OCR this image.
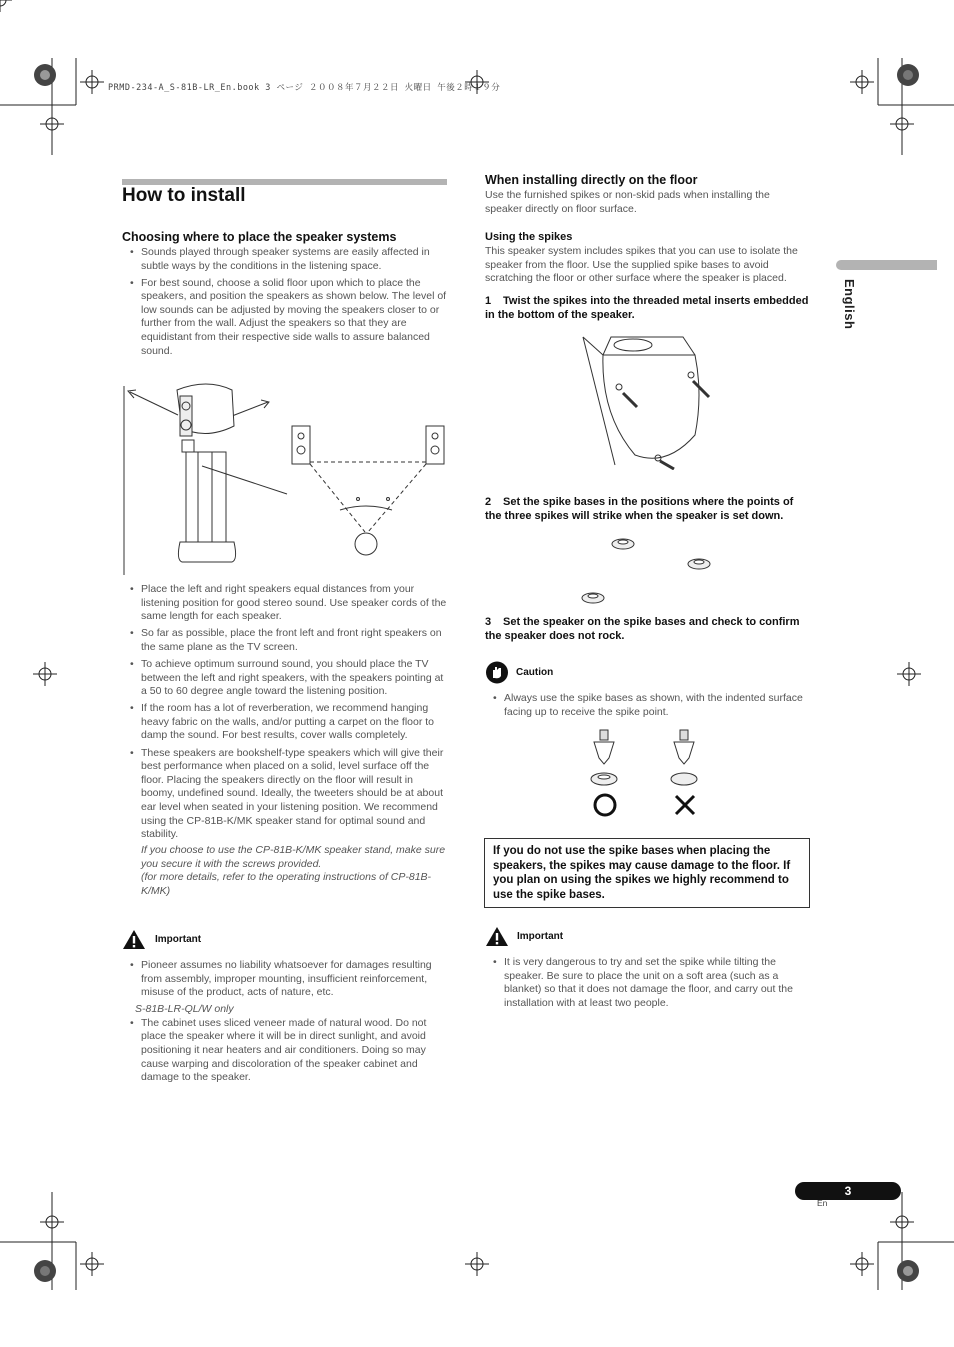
PRMD-234-A_S-81B-LR_En.book 3 ページ ２００８年７月２２日 火曜日 午後２時１９分
How to install
Choosing where to place the speaker systems
• Sounds played through speaker systems are easily affected in subtle ways by the conditions in the listening space.
• For best sound, choose a solid floor upon which to place the speakers, and position the speakers as shown below. The level of low sounds can be adjusted by moving the speakers closer to or further from the wall. Adjust the speakers so that they are equidistant from their respective side walls to assure balanced sound.
• Place the left and right speakers equal distances from your listening position for good stereo sound. Use speaker cords of the same length for each speaker.
• So far as possible, place the front left and front right speakers on the same plane as the TV screen.
• To achieve optimum surround sound, you should place the TV between the left and right speakers, with the speakers pointing at a 50 to 60 degree angle toward the listening position.
• If the room has a lot of reverberation, we recommend hanging heavy fabric on the walls, and/or putting a carpet on the floor to damp the sound. For best results, cover walls completely.
• These speakers are bookshelf-type speakers which will give their best performance when placed on a solid, level surface off the floor. Placing the speakers directly on the floor will result in boomy, undefined sound. Ideally, the tweeters should be at about ear level when seated in your listening position. We recommend using the CP-81B-K/MK speaker stand for optimal sound and stability.

If you choose to use the CP-81B-K/MK speaker stand, make sure you secure it with the screws provided.

(for more details, refer to the operating instructions of CP-81B-K/MK)

Important
• Pioneer assumes no liability whatsoever for damages resulting from assembly, improper mounting, insufficient reinforcement, misuse of the product, acts of nature, etc.

S-81B-LR-QL/W only

• The cabinet uses sliced veneer made of natural wood. Do not place the speaker where it will be in direct sunlight, and avoid positioning it near heaters and air conditioners. Doing so may cause warping and discoloration of the speaker cabinet and damage to the speaker.
When installing directly on the floor

Use the furnished spikes or non-skid pads when installing the speaker directly on floor surface.

Using the spikes

This speaker system includes spikes that you can use to isolate the speaker from the floor. Use the supplied spike bases to avoid scratching the floor or other surface where the speaker is placed.

1 Twist the spikes into the threaded metal inserts embedded in the bottom of the speaker.

2 Set the spike bases in the positions where the points of the three spikes will strike when the speaker is set down.

3 Set the speaker on the spike bases and check to confirm the speaker does not rock.

Caution
• Always use the spike bases as shown, with the indented surface facing up to receive the spike point.
If you do not use the spike bases when placing the speakers, the spikes may cause damage to the floor. If you plan on using the spikes we highly recommend to use the spike bases.
Important
• It is very dangerous to try and set the spike while tilting the speaker. Be sure to place the unit on a soft area (such as a blanket) so that it does not damage the floor, and carry out the installation with at least two people.
English
3
En
